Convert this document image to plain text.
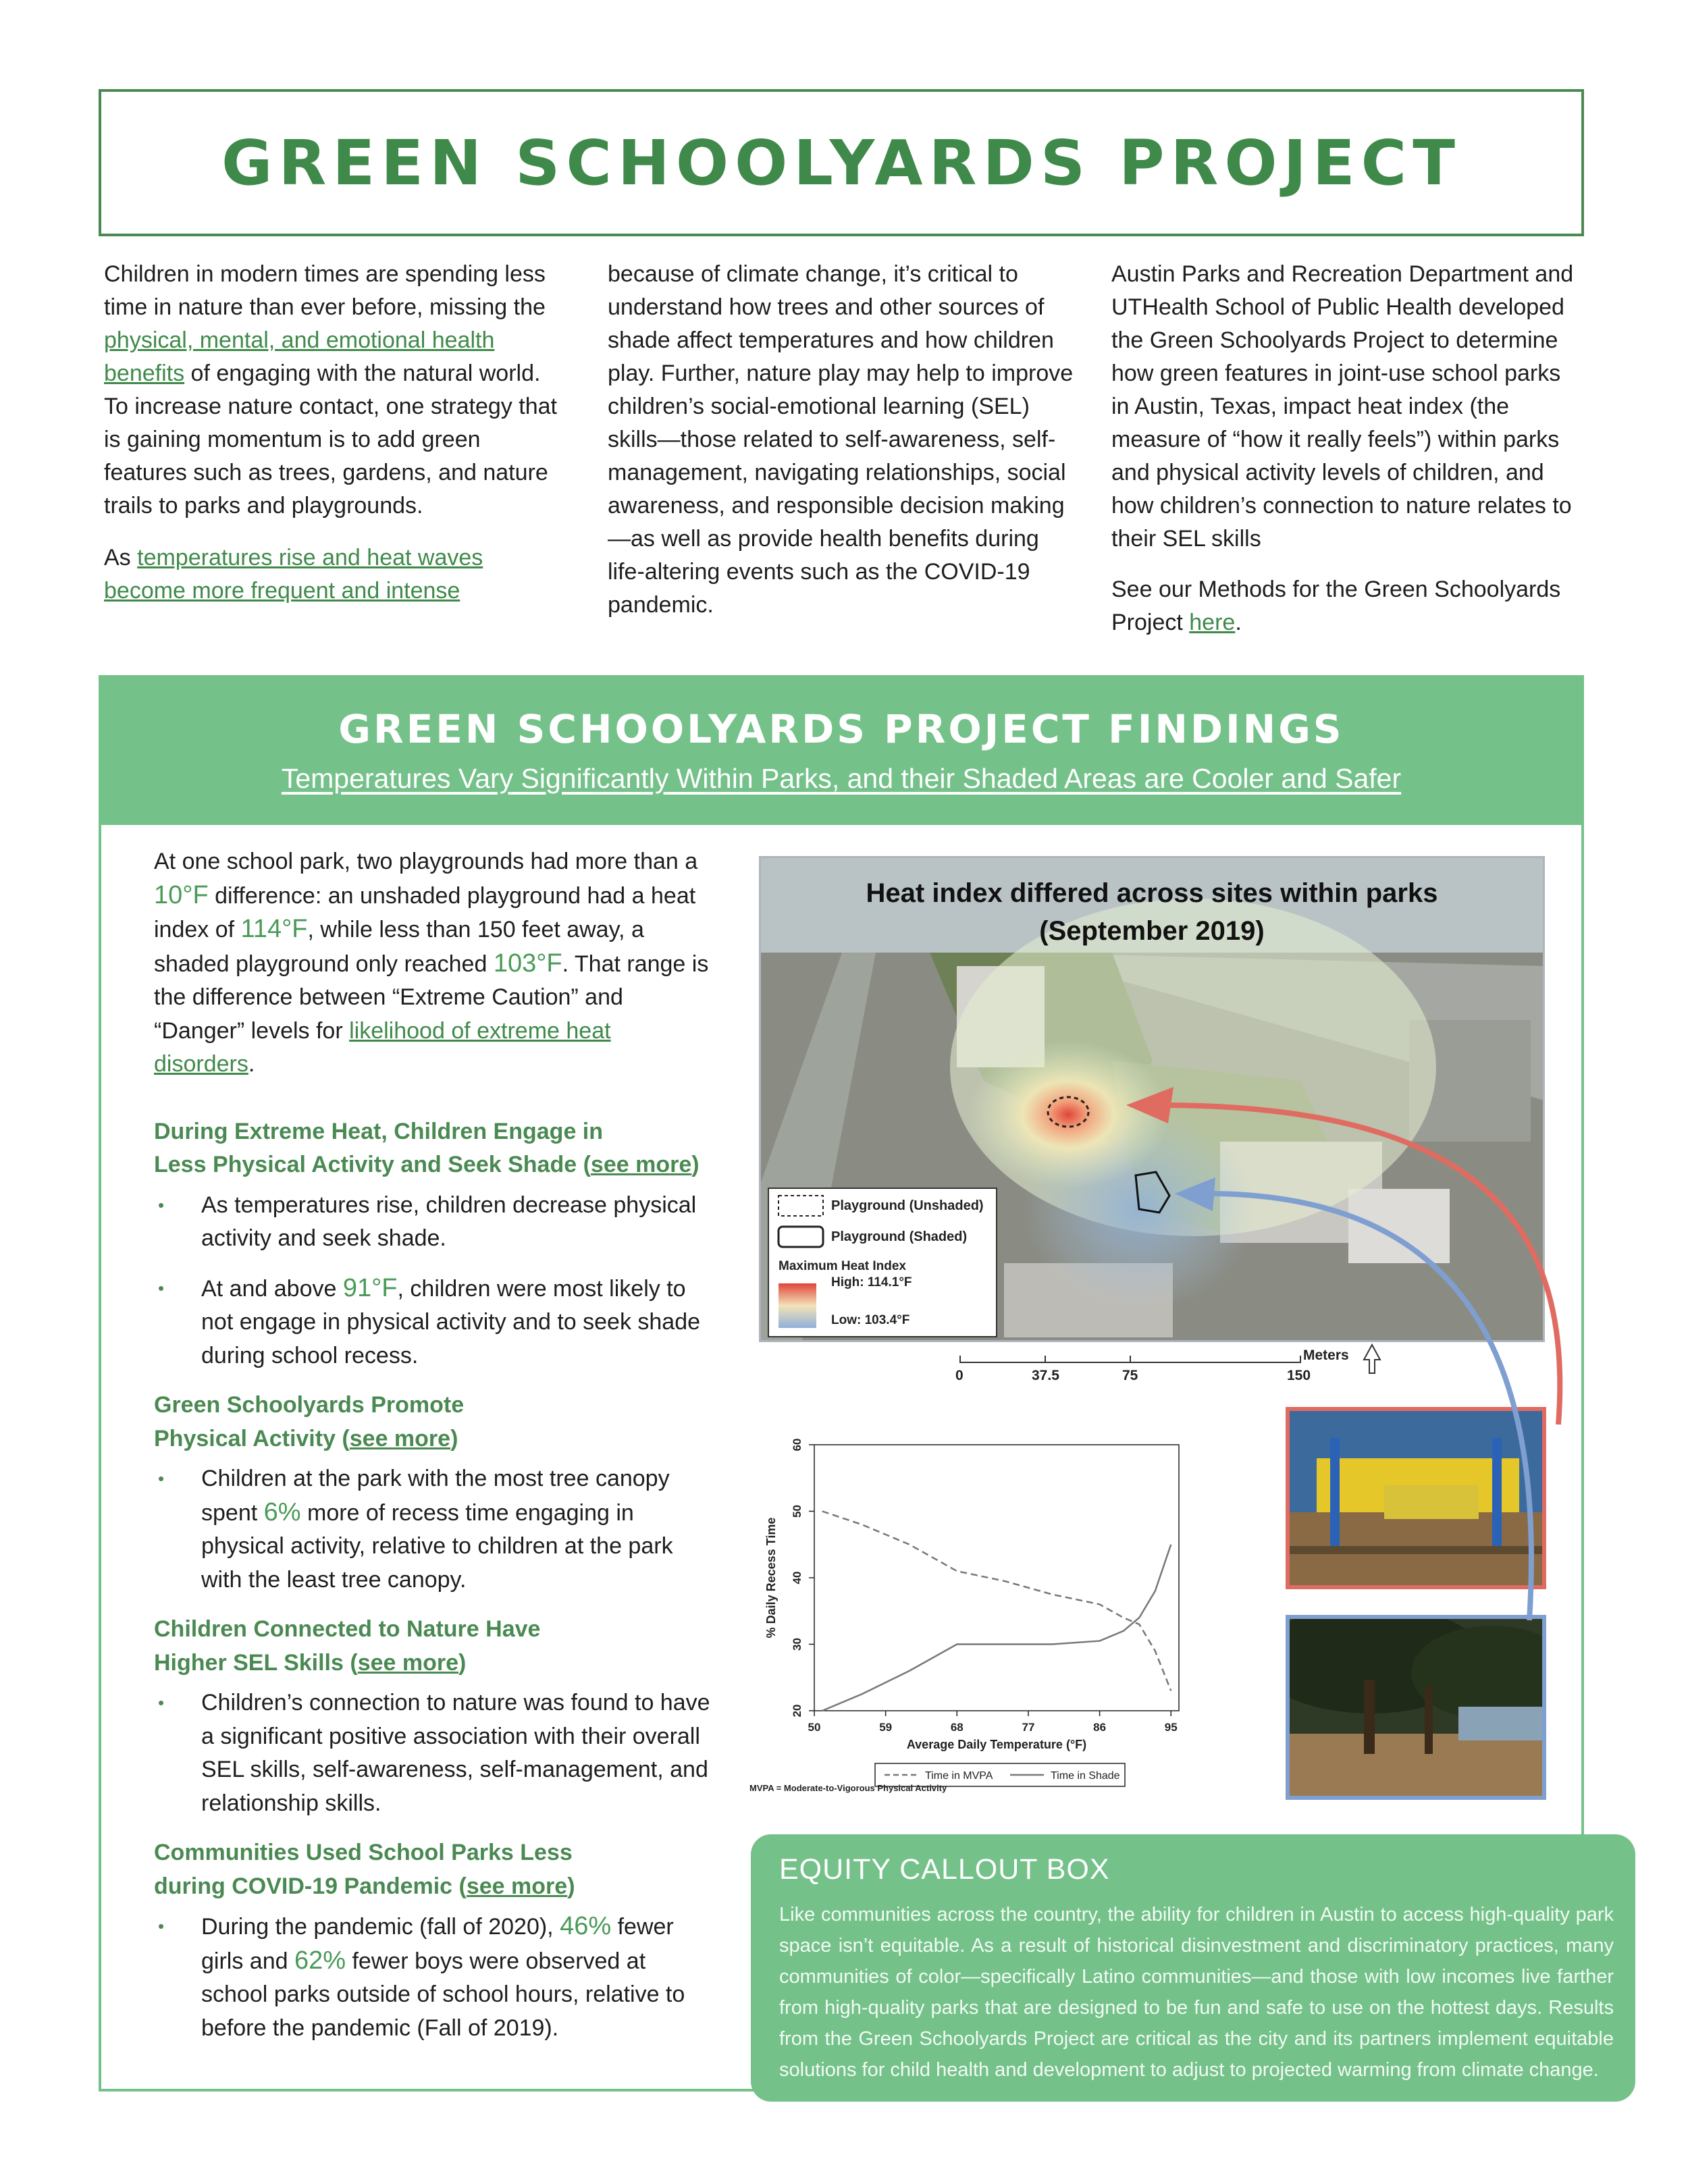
GREEN SCHOOLYARDS PROJECT

Children in modern times are spending less time in nature than ever before, missing the physical, mental, and emotional health benefits of engaging with the natural world. To increase nature contact, one strategy that is gaining momentum is to add green features such as trees, gardens, and nature trails to parks and playgrounds.

As temperatures rise and heat waves become more frequent and intense

because of climate change, it’s critical to understand how trees and other sources of shade affect temperatures and how children play. Further, nature play may help to improve children’s social-emotional learning (SEL) skills—those related to self-awareness, self-management, navigating relationships, social awareness, and responsible decision making—as well as provide health benefits during life-altering events such as the COVID-19 pandemic.

Austin Parks and Recreation Department and UTHealth School of Public Health developed the Green Schoolyards Project to determine how green features in joint-use school parks in Austin, Texas, impact heat index (the measure of “how it really feels”) within parks and physical activity levels of children, and how children’s connection to nature relates to their SEL skills

See our Methods for the Green Schoolyards Project here.

GREEN SCHOOLYARDS PROJECT FINDINGS
Temperatures Vary Significantly Within Parks, and their Shaded Areas are Cooler and Safer

At one school park, two playgrounds had more than a 10°F difference: an unshaded playground had a heat index of 114°F, while less than 150 feet away, a shaded playground only reached 103°F. That range is the difference between “Extreme Caution” and “Danger” levels for likelihood of extreme heat disorders.

During Extreme Heat, Children Engage in
Less Physical Activity and Seek Shade (see more)
• As temperatures rise, children decrease physical activity and seek shade.
• At and above 91°F, children were most likely to not engage in physical activity and to seek shade during school recess.
Green Schoolyards Promote
Physical Activity (see more)
• Children at the park with the most tree canopy spent 6% more of recess time engaging in physical activity, relative to children at the park with the least tree canopy.
Children Connected to Nature Have
Higher SEL Skills (see more)
• Children’s connection to nature was found to have a significant positive association with their overall SEL skills, self-awareness, self-management, and relationship skills.
Communities Used School Parks Less
during COVID-19 Pandemic (see more)
• During the pandemic (fall of 2020), 46% fewer girls and 62% fewer boys were observed at school parks outside of school hours, relative to before the pandemic (Fall of 2019).
Heat index differed across sites within parks
(September 2019)
Playground (Unshaded)
Playground (Shaded)
Maximum Heat Index
High: 114.1°F
Low: 103.4°F
0	37.5	75	150
Meters
50	59	68	77	86	95
20
30
40
50
60
Average Daily Temperature (°F)
% Daily Recess Time
Time in MVPA	Time in Shade
MVPA = Moderate-to-Vigorous Physical Activity
EQUITY CALLOUT BOX

Like communities across the country, the ability for children in Austin to access high-quality park space isn’t equitable. As a result of historical disinvestment and discriminatory practices, many communities of color—specifically Latino communities—and those with low incomes live farther from high-quality parks that are designed to be fun and safe to use on the hottest days. Results from the Green Schoolyards Project are critical as the city and its partners implement equitable solutions for child health and development to adjust to projected warming from climate change.
